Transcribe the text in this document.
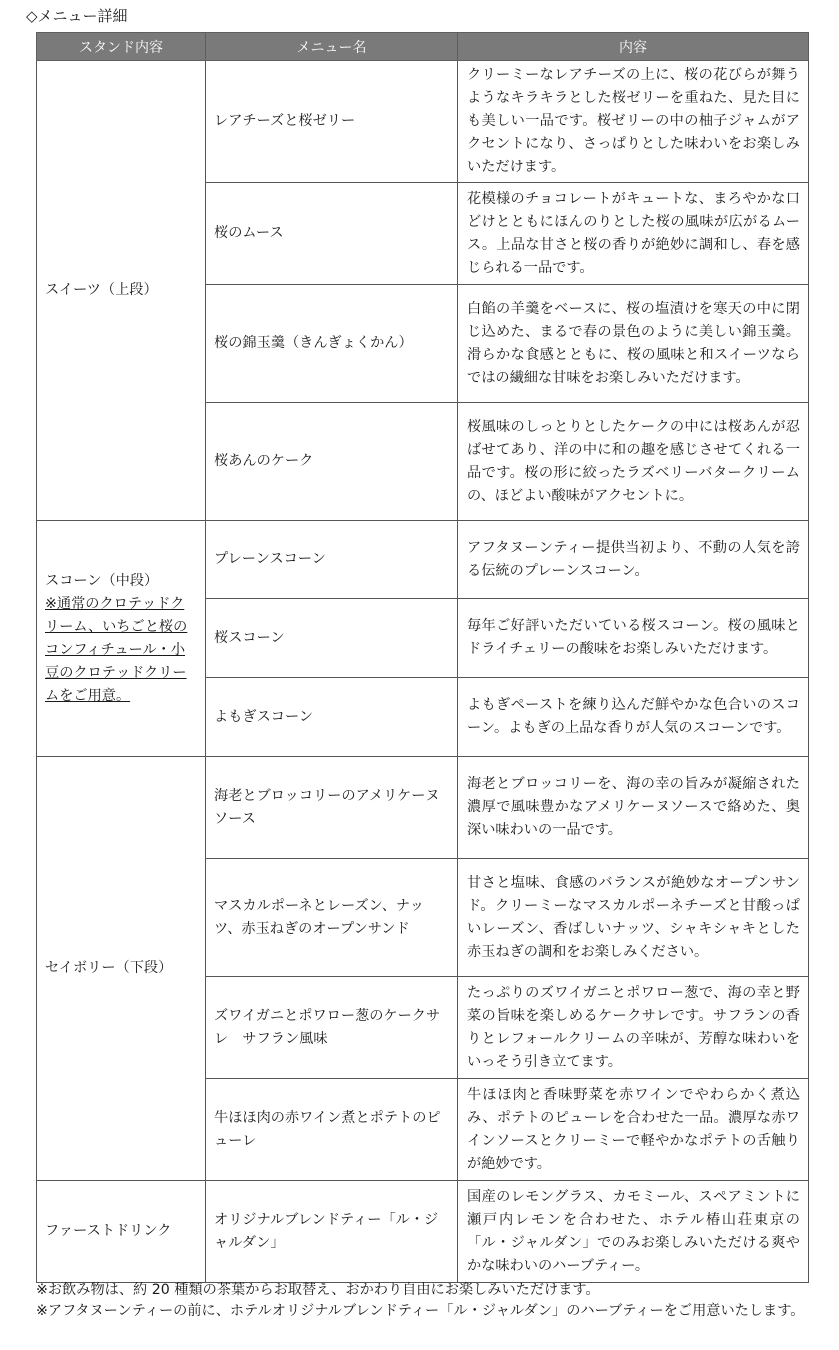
◇メニュー詳細
スタンド内容	メニュー名	内容
スイーツ（上段）	レアチーズと桜ゼリー	クリーミーなレアチーズの上に、桜の花びらが舞うようなキラキラとした桜ゼリーを重ねた、見た目にも美しい一品です。桜ゼリーの中の柚子ジャムがアクセントになり、さっぱりとした味わいをお楽しみいただけます。
	桜のムース	花模様のチョコレートがキュートな、まろやかな口どけとともにほんのりとした桜の風味が広がるムース。上品な甘さと桜の香りが絶妙に調和し、春を感じられる一品です。
	桜の錦玉羹（きんぎょくかん）	白餡の羊羹をベースに、桜の塩漬けを寒天の中に閉じ込めた、まるで春の景色のように美しい錦玉羹。滑らかな食感とともに、桜の風味と和スイーツならではの繊細な甘味をお楽しみいただけます。
	桜あんのケーク	桜風味のしっとりとしたケークの中には桜あんが忍ばせてあり、洋の中に和の趣を感じさせてくれる一品です。桜の形に絞ったラズベリーバタークリームの、ほどよい酸味がアクセントに。

スコーン（中段）
※通常のクロテッドクリーム、いちごと桜のコンフィチュール・小豆のクロテッドクリームをご用意。	プレーンスコーン	アフタヌーンティー提供当初より、不動の人気を誇る伝統のプレーンスコーン。
	桜スコーン	毎年ご好評いただいている桜スコーン。桜の風味とドライチェリーの酸味をお楽しみいただけます。
	よもぎスコーン	よもぎペーストを練り込んだ鮮やかな色合いのスコーン。よもぎの上品な香りが人気のスコーンです。
セイボリー（下段）	海老とブロッコリーのアメリケーヌソース	海老とブロッコリーを、海の幸の旨みが凝縮された濃厚で風味豊かなアメリケーヌソースで絡めた、奥深い味わいの一品です。
	マスカルポーネとレーズン、ナッツ、赤玉ねぎのオープンサンド	甘さと塩味、食感のバランスが絶妙なオープンサンド。クリーミーなマスカルポーネチーズと甘酸っぱいレーズン、香ばしいナッツ、シャキシャキとした赤玉ねぎの調和をお楽しみください。
	ズワイガニとポワロー葱のケークサレ　サフラン風味	たっぷりのズワイガニとポワロー葱で、海の幸と野菜の旨味を楽しめるケークサレです。サフランの香りとレフォールクリームの辛味が、芳醇な味わいをいっそう引き立てます。
	牛ほほ肉の赤ワイン煮とポテトのピューレ	牛ほほ肉と香味野菜を赤ワインでやわらかく煮込み、ポテトのピューレを合わせた一品。濃厚な赤ワインソースとクリーミーで軽やかなポテトの舌触りが絶妙です。
ファーストドリンク	オリジナルブレンドティー「ル・ジャルダン」	国産のレモングラス、カモミール、スペアミントに瀬戸内レモンを合わせた、ホテル椿山荘東京の「ル・ジャルダン」でのみお楽しみいただける爽やかな味わいのハーブティー。

※お飲み物は、約 20 種類の茶葉からお取替え、おかわり自由にお楽しみいただけます。

※アフタヌーンティーの前に、ホテルオリジナルブレンドティー「ル・ジャルダン」のハーブティーをご用意いたします。
